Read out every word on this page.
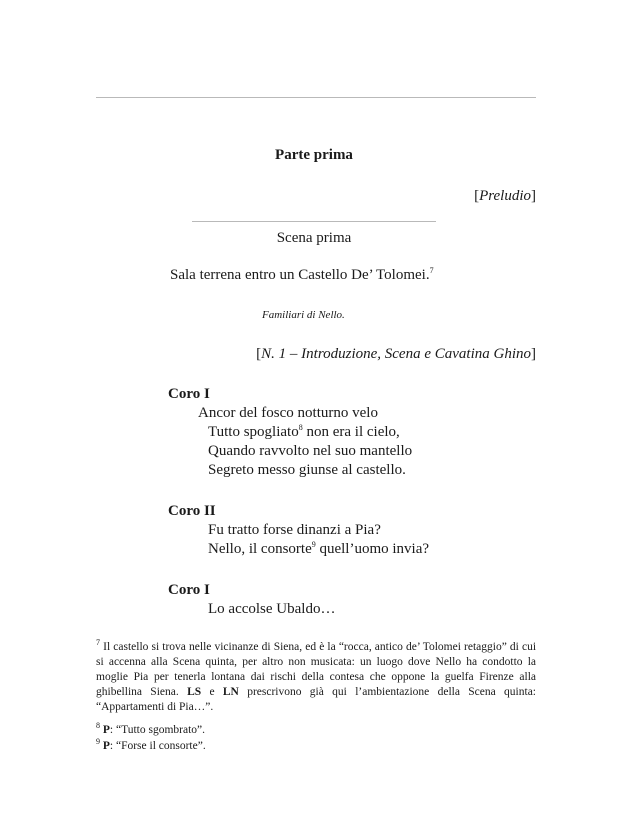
Parte prima
[Preludio]
Scena prima
Sala terrena entro un Castello De’ Tolomei.$^7$
Familiari di Nello.
[N. 1 – Introduzione, Scena e Cavatina Ghino]
Coro I
Ancor del fosco notturno velo
Tutto spogliato$^8$ non era il cielo,
Quando ravvolto nel suo mantello
Segreto messo giunse al castello.
Coro II
Fu tratto forse dinanzi a Pia?
Nello, il consorte$^9$ quell’uomo invia?
Coro I
Lo accolse Ubaldo…
$^7$ Il castello si trova nelle vicinanze di Siena, ed è la “rocca, antico de’ Tolomei retaggio” di cui si accenna alla Scena quinta, per altro non musicata: un luogo dove Nello ha condotto la moglie Pia per tenerla lontana dai rischi della contesa che oppone la guelfa Firenze alla ghibellina Siena. LS e LN prescrivono già qui l’ambientazione della Scena quinta: “Appartamenti di Pia…”.
$^8$ P: “Tutto sgombrato”.
$^9$ P: “Forse il consorte”.
